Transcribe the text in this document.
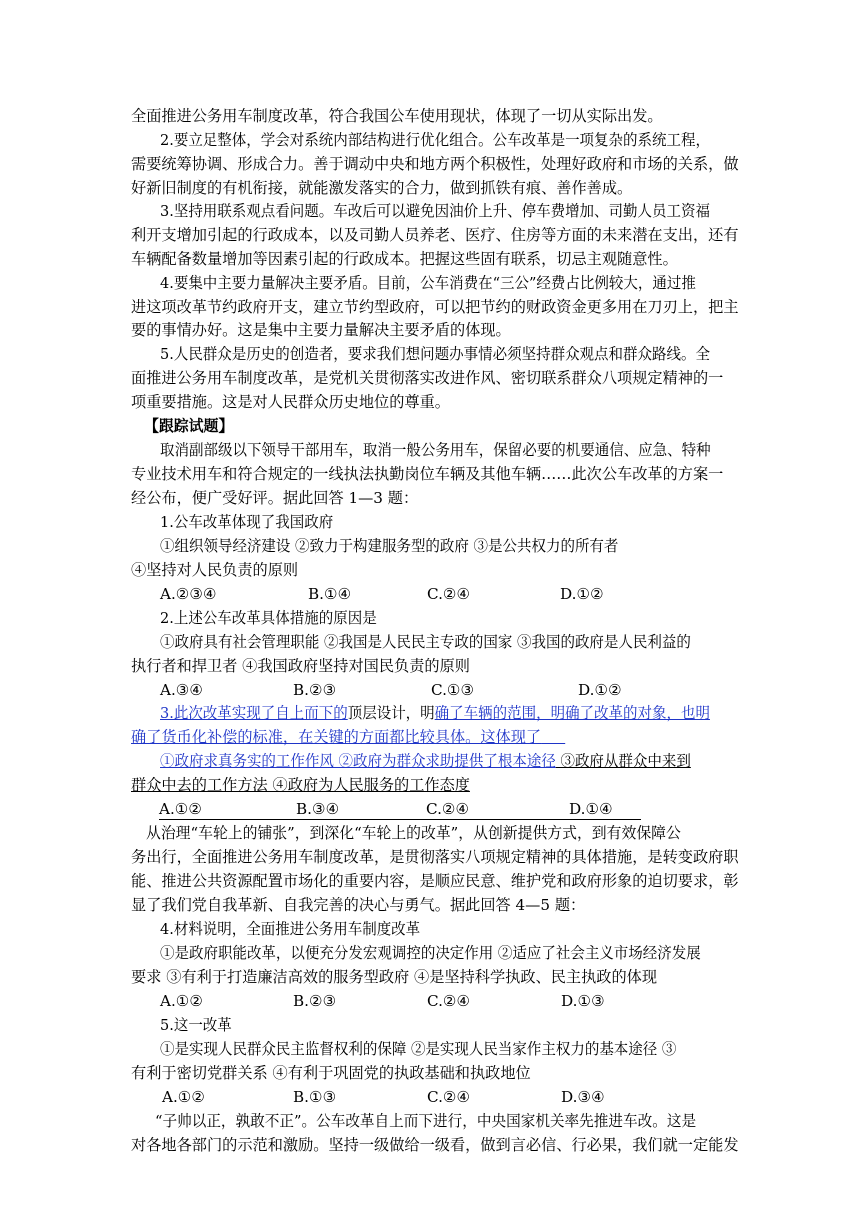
全面推进公务用车制度改革，符合我国公车使用现状，体现了一切从实际出发。
2.要立足整体，学会对系统内部结构进行优化组合。公车改革是一项复杂的系统工程，
需要统筹协调、形成合力。善于调动中央和地方两个积极性，处理好政府和市场的关系，做
好新旧制度的有机衔接，就能激发落实的合力，做到抓铁有痕、善作善成。
3.坚持用联系观点看问题。车改后可以避免因油价上升、停车费增加、司勤人员工资福
利开支增加引起的行政成本，以及司勤人员养老、医疗、住房等方面的未来潜在支出，还有
车辆配备数量增加等因素引起的行政成本。把握这些固有联系，切忌主观随意性。
4.要集中主要力量解决主要矛盾。目前，公车消费在“三公”经费占比例较大，通过推
进这项改革节约政府开支，建立节约型政府，可以把节约的财政资金更多用在刀刃上，把主
要的事情办好。这是集中主要力量解决主要矛盾的体现。
5.人民群众是历史的创造者，要求我们想问题办事情必须坚持群众观点和群众路线。全
面推进公务用车制度改革，是党机关贯彻落实改进作风、密切联系群众八项规定精神的一
项重要措施。这是对人民群众历史地位的尊重。
【跟踪试题】
取消副部级以下领导干部用车，取消一般公务用车，保留必要的机要通信、应急、特种
专业技术用车和符合规定的一线执法执勤岗位车辆及其他车辆……此次公车改革的方案一
经公布，便广受好评。据此回答 1—3 题：
1.公车改革体现了我国政府
①组织领导经济建设 ②致力于构建服务型的政府 ③是公共权力的所有者
④坚持对人民负责的原则
A.②③④	B.①④	C.②④	D.①②
2.上述公车改革具体措施的原因是
①政府具有社会管理职能 ②我国是人民民主专政的国家 ③我国的政府是人民利益的
执行者和捍卫者 ④我国政府坚持对国民负责的原则
A.③④	B.②③	C.①③	D.①②
3.此次改革实现了自上而下的顶层设计，明确了车辆的范围，明确了改革的对象，也明
确了货币化补偿的标准，在关键的方面都比较具体。这体现了
①政府求真务实的工作作风 ②政府为群众求助提供了根本途径 ③政府从群众中来到
群众中去的工作方法 ④政府为人民服务的工作态度
A.①②	B.③④	C.②④	D.①④
从治理“车轮上的铺张”，到深化“车轮上的改革”，从创新提供方式，到有效保障公
务出行，全面推进公务用车制度改革，是贯彻落实八项规定精神的具体措施，是转变政府职
能、推进公共资源配置市场化的重要内容，是顺应民意、维护党和政府形象的迫切要求，彰
显了我们党自我革新、自我完善的决心与勇气。据此回答 4—5 题：
4.材料说明，全面推进公务用车制度改革
①是政府职能改革，以便充分发宏观调控的决定作用 ②适应了社会主义市场经济发展
要求 ③有利于打造廉洁高效的服务型政府 ④是坚持科学执政、民主执政的体现
A.①②	B.②③	C.②④	D.①③
5.这一改革
①是实现人民群众民主监督权利的保障 ②是实现人民当家作主权力的基本途径 ③
有利于密切党群关系 ④有利于巩固党的执政基础和执政地位
A.①②	B.①③	C.②④	D.③④
“子帅以正，孰敢不正”。公车改革自上而下进行，中央国家机关率先推进车改。这是
对各地各部门的示范和激励。坚持一级做给一级看，做到言必信、行必果，我们就一定能发
